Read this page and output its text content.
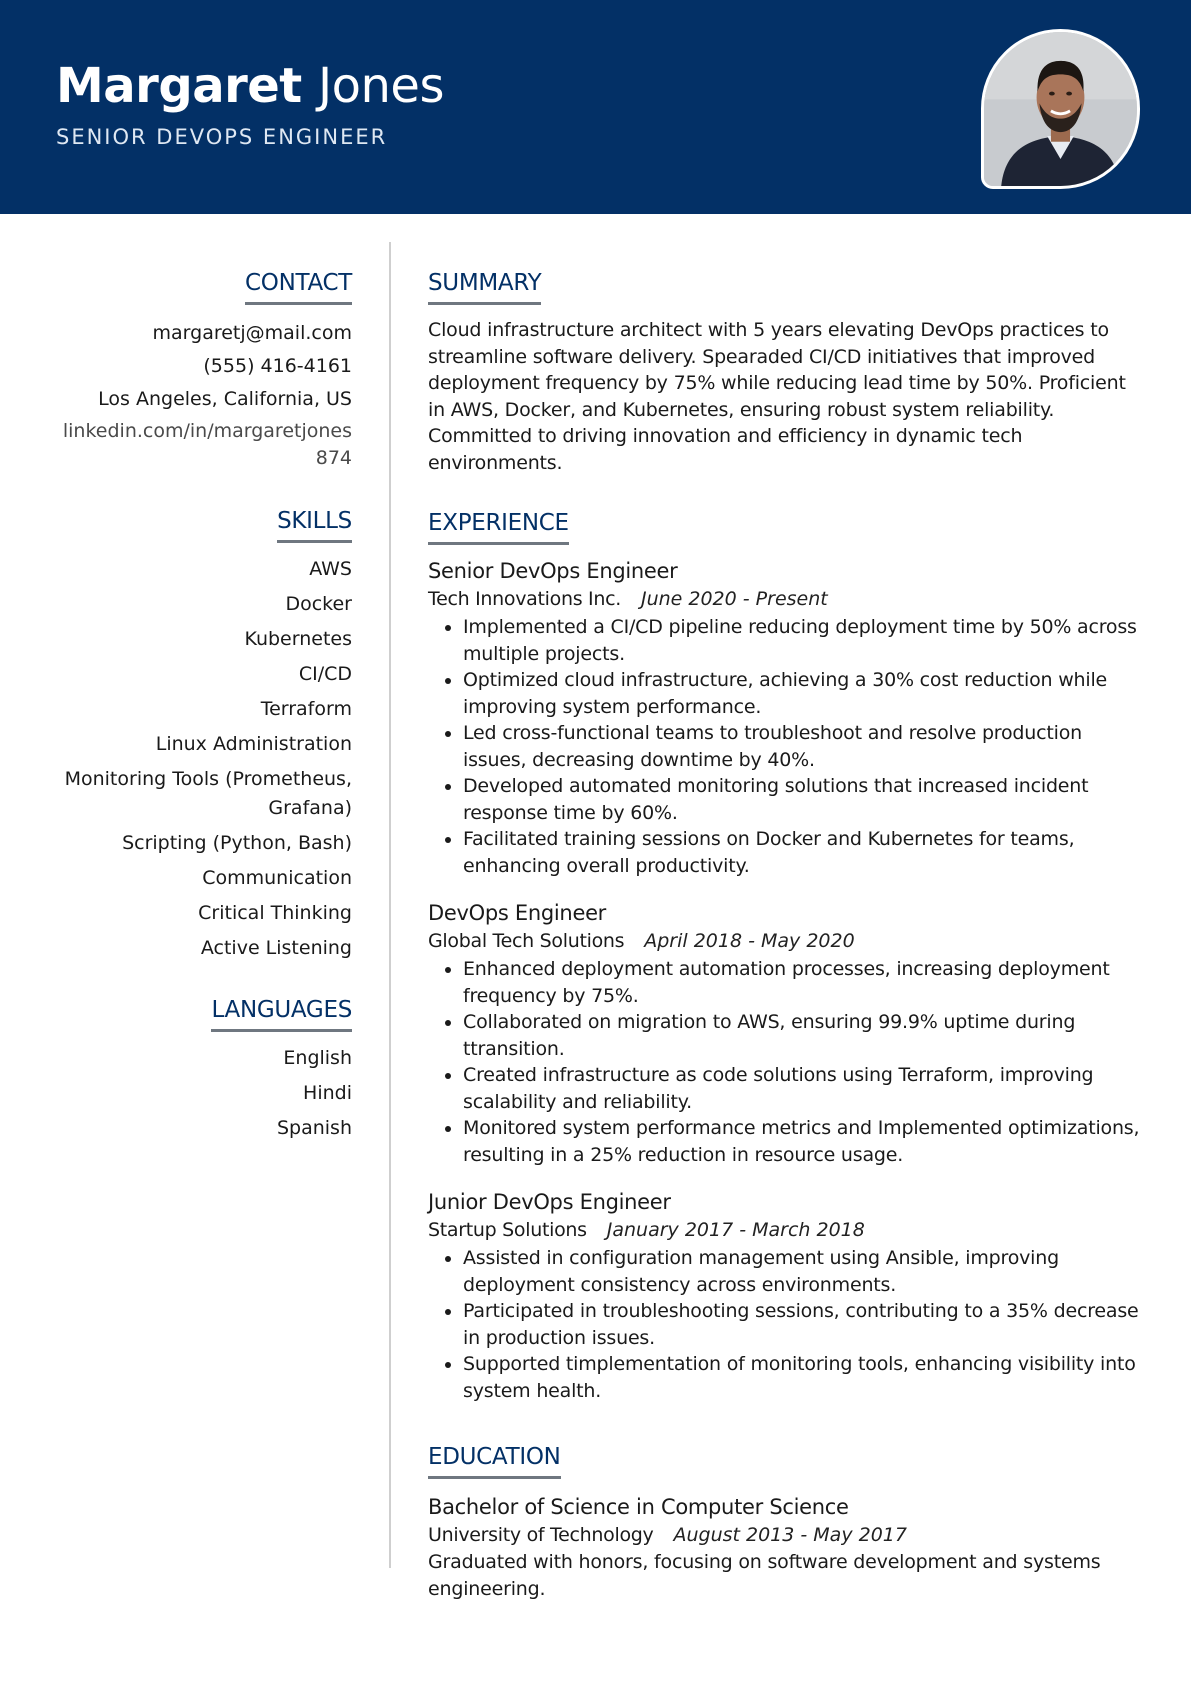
Margaret Jones
SENIOR DEVOPS ENGINEER
CONTACT
margaretj@mail.com
(555) 416-4161
Los Angeles, California, US
linkedin.com/in/margaretjones 874
SKILLS
AWS
Docker
Kubernetes
CI/CD
Terraform
Linux Administration
Monitoring Tools (Prometheus, Grafana)
Scripting (Python, Bash)
Communication
Critical Thinking
Active Listening
LANGUAGES
English
Hindi
Spanish
SUMMARY

Cloud infrastructure architect with 5 years elevating DevOps practices to streamline software delivery. Spearaded CI/CD initiatives that improved deployment frequency by 75% while reducing lead time by 50%. Proficient in AWS, Docker, and Kubernetes, ensuring robust system reliability. Committed to driving innovation and efficiency in dynamic tech environments.

EXPERIENCE
Senior DevOps Engineer
Tech Innovations Inc. June 2020 - Present
• Implemented a CI/CD pipeline reducing deployment time by 50% across multiple projects.
• Optimized cloud infrastructure, achieving a 30% cost reduction while improving system performance.
• Led cross-functional teams to troubleshoot and resolve production issues, decreasing downtime by 40%.
• Developed automated monitoring solutions that increased incident response time by 60%.
• Facilitated training sessions on Docker and Kubernetes for teams, enhancing overall productivity.
DevOps Engineer
Global Tech Solutions April 2018 - May 2020
• Enhanced deployment automation processes, increasing deployment frequency by 75%.
• Collaborated on migration to AWS, ensuring 99.9% uptime during ttransition.
• Created infrastructure as code solutions using Terraform, improving scalability and reliability.
• Monitored system performance metrics and Implemented optimizations, resulting in a 25% reduction in resource usage.
Junior DevOps Engineer
Startup Solutions January 2017 - March 2018
• Assisted in configuration management using Ansible, improving deployment consistency across environments.
• Participated in troubleshooting sessions, contributing to a 35% decrease in production issues.
• Supported timplementation of monitoring tools, enhancing visibility into system health.
EDUCATION
Bachelor of Science in Computer Science
University of Technology August 2013 - May 2017
Graduated with honors, focusing on software development and systems engineering.
